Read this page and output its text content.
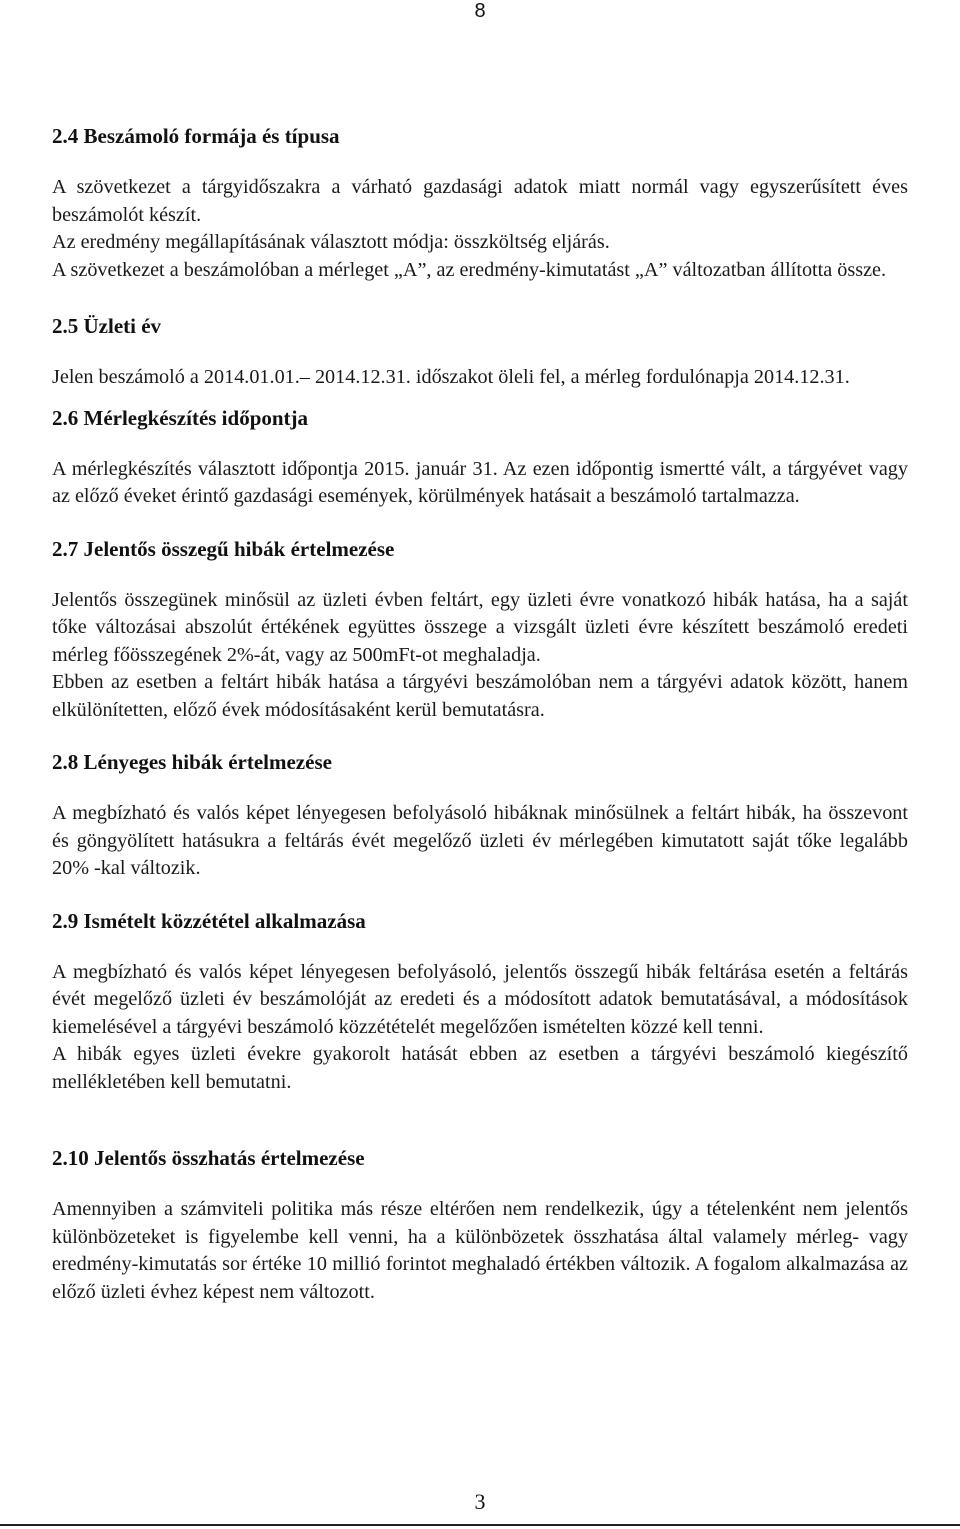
8
2.4 Beszámoló formája és típusa

A szövetkezet a tárgyidőszakra a várható gazdasági adatok miatt normál vagy egyszerűsített éves beszámolót készít.

Az eredmény megállapításának választott módja: összköltség eljárás.

A szövetkezet a beszámolóban a mérleget „A”, az eredmény-kimutatást „A” változatban állította össze.

2.5 Üzleti év

Jelen beszámoló a 2014.01.01.– 2014.12.31. időszakot öleli fel, a mérleg fordulónapja 2014.12.31.

2.6 Mérlegkészítés időpontja

A mérlegkészítés választott időpontja 2015. január 31. Az ezen időpontig ismertté vált, a tárgyévet vagy az előző éveket érintő gazdasági események, körülmények hatásait a beszámoló tartalmazza.

2.7 Jelentős összegű hibák értelmezése

Jelentős összegünek minősül az üzleti évben feltárt, egy üzleti évre vonatkozó hibák hatása, ha a saját tőke változásai abszolút értékének együttes összege a vizsgált üzleti évre készített beszámoló eredeti mérleg főösszegének 2%-át, vagy az 500mFt-ot meghaladja.

Ebben az esetben a feltárt hibák hatása a tárgyévi beszámolóban nem a tárgyévi adatok között, hanem elkülönítetten, előző évek módosításaként kerül bemutatásra.

2.8 Lényeges hibák értelmezése

A megbízható és valós képet lényegesen befolyásoló hibáknak minősülnek a feltárt hibák, ha összevont és göngyölített hatásukra a feltárás évét megelőző üzleti év mérlegében kimutatott saját tőke legalább 20% -kal változik.

2.9 Ismételt közzététel alkalmazása

A megbízható és valós képet lényegesen befolyásoló, jelentős összegű hibák feltárása esetén a feltárás évét megelőző üzleti év beszámolóját az eredeti és a módosított adatok bemutatásával, a módosítások kiemelésével a tárgyévi beszámoló közzétételét megelőzően ismételten közzé kell tenni.

A hibák egyes üzleti évekre gyakorolt hatását ebben az esetben a tárgyévi beszámoló kiegészítő mellékletében kell bemutatni.

2.10 Jelentős összhatás értelmezése

Amennyiben a számviteli politika más része eltérően nem rendelkezik, úgy a tételenként nem jelentős különbözeteket is figyelembe kell venni, ha a különbözetek összhatása által valamely mérleg- vagy eredmény-kimutatás sor értéke 10 millió forintot meghaladó értékben változik. A fogalom alkalmazása az előző üzleti évhez képest nem változott.

3
